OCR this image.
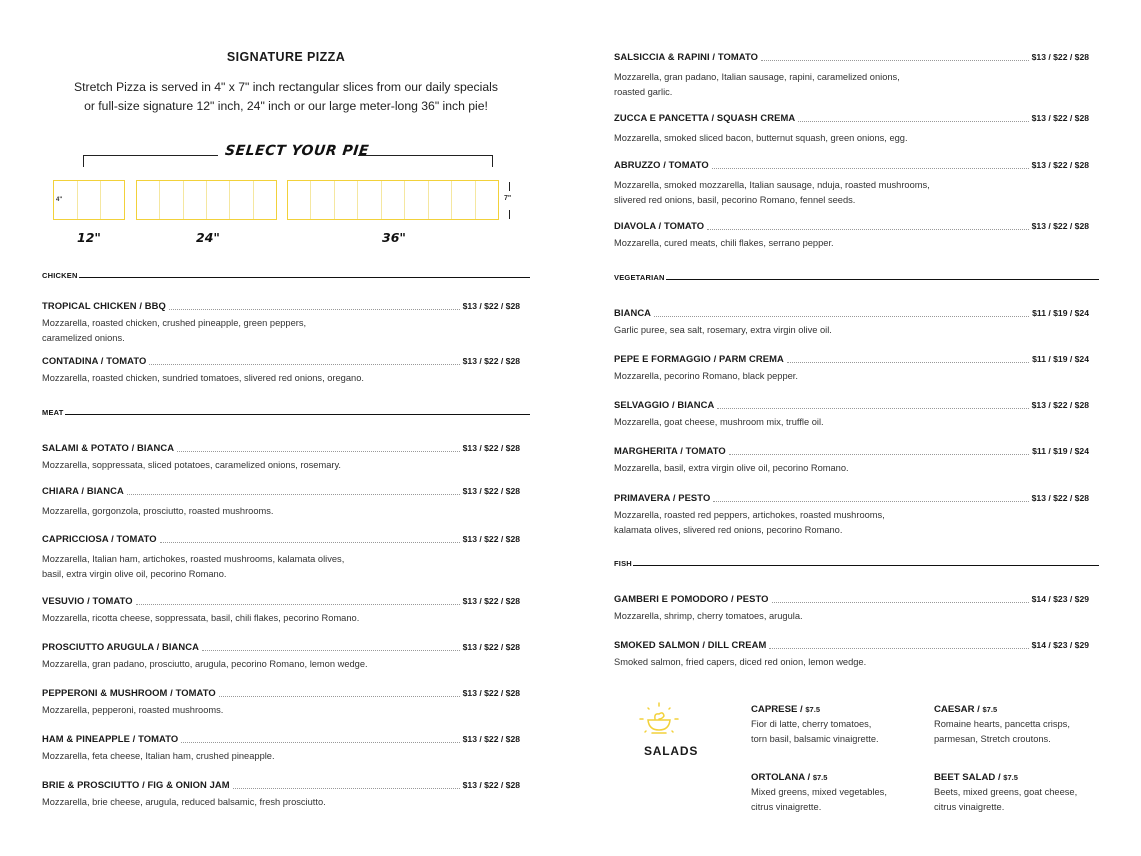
SIGNATURE PIZZA
Stretch Pizza is served in 4" x 7" inch rectangular slices from our daily specials
or full-size signature 12" inch, 24" inch or our large meter-long 36" inch pie!
SELECT YOUR PIE
4"	7"
12"	24"	36"
CHICKEN
TROPICAL CHICKEN / BBQ	$13 / $22 / $28
Mozzarella, roasted chicken, crushed pineapple, green peppers,
caramelized onions.
CONTADINA / TOMATO	$13 / $22 / $28
Mozzarella, roasted chicken, sundried tomatoes, slivered red onions, oregano.
MEAT
SALAMI & POTATO / BIANCA	$13 / $22 / $28
Mozzarella, soppressata, sliced potatoes, caramelized onions, rosemary.
CHIARA / BIANCA	$13 / $22 / $28
Mozzarella, gorgonzola, prosciutto, roasted mushrooms.
CAPRICCIOSA / TOMATO	$13 / $22 / $28
Mozzarella, Italian ham, artichokes, roasted mushrooms, kalamata olives,
basil, extra virgin olive oil, pecorino Romano.
VESUVIO / TOMATO	$13 / $22 / $28
Mozzarella, ricotta cheese, soppressata, basil, chili flakes, pecorino Romano.
PROSCIUTTO ARUGULA / BIANCA	$13 / $22 / $28
Mozzarella, gran padano, prosciutto, arugula, pecorino Romano, lemon wedge.
PEPPERONI & MUSHROOM / TOMATO	$13 / $22 / $28
Mozzarella, pepperoni, roasted mushrooms.
HAM & PINEAPPLE / TOMATO	$13 / $22 / $28
Mozzarella, feta cheese, Italian ham, crushed pineapple.
BRIE & PROSCIUTTO / FIG & ONION JAM	$13 / $22 / $28
Mozzarella, brie cheese, arugula, reduced balsamic, fresh prosciutto.
SALSICCIA & RAPINI / TOMATO	$13 / $22 / $28
Mozzarella, gran padano, Italian sausage, rapini, caramelized onions,
roasted garlic.
ZUCCA E PANCETTA / SQUASH CREMA	$13 / $22 / $28
Mozzarella, smoked sliced bacon, butternut squash, green onions, egg.
ABRUZZO / TOMATO	$13 / $22 / $28
Mozzarella, smoked mozzarella, Italian sausage, nduja, roasted mushrooms,
slivered red onions, basil, pecorino Romano, fennel seeds.
DIAVOLA / TOMATO	$13 / $22 / $28
Mozzarella, cured meats, chili flakes, serrano pepper.
VEGETARIAN
BIANCA	$11 / $19 / $24
Garlic puree, sea salt, rosemary, extra virgin olive oil.
PEPE E FORMAGGIO / PARM CREMA	$11 / $19 / $24
Mozzarella, pecorino Romano, black pepper.
SELVAGGIO / BIANCA	$13 / $22 / $28
Mozzarella, goat cheese, mushroom mix, truffle oil.
MARGHERITA / TOMATO	$11 / $19 / $24
Mozzarella, basil, extra virgin olive oil, pecorino Romano.
PRIMAVERA / PESTO	$13 / $22 / $28
Mozzarella, roasted red peppers, artichokes, roasted mushrooms,
kalamata olives, slivered red onions, pecorino Romano.
FISH
GAMBERI E POMODORO / PESTO	$14 / $23 / $29
Mozzarella, shrimp, cherry tomatoes, arugula.
SMOKED SALMON / DILL CREAM	$14 / $23 / $29
Smoked salmon, fried capers, diced red onion, lemon wedge.
SALADS
CAPRESE / $7.5
Fior di latte, cherry tomatoes,
torn basil, balsamic vinaigrette.
CAESAR / $7.5
Romaine hearts, pancetta crisps,
parmesan, Stretch croutons.
ORTOLANA / $7.5
Mixed greens, mixed vegetables,
citrus vinaigrette.
BEET SALAD / $7.5
Beets, mixed greens, goat cheese,
citrus vinaigrette.
